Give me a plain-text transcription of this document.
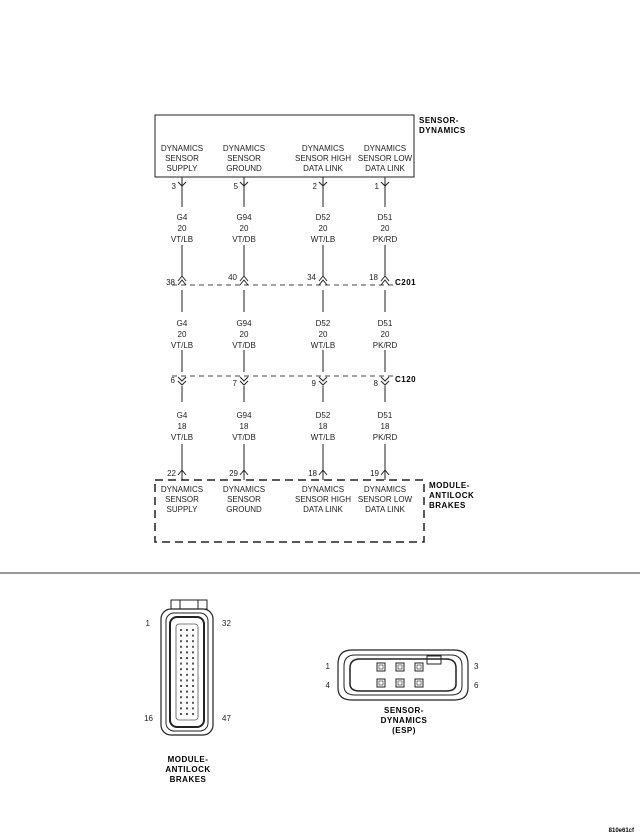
SENSOR-
DYNAMICS
DYNAMICS
SENSOR
SUPPLY
DYNAMICS
SENSOR
GROUND
DYNAMICS
SENSOR HIGH
DATA LINK
DYNAMICS
SENSOR LOW
DATA LINK
3	5	2	1
G4
20
VT/LB
G94
20
VT/DB
D52
20
WT/LB
D51
20
PK/RD
38
40	34	18
C201
G4
20
VT/LB
G94
20
VT/DB
D52
20
WT/LB
D51
20
PK/RD
6	7	9	8 C120
G4
18
VT/LB
G94
18
VT/DB
D52
18
WT/LB
D51
18
PK/RD
22	29	18	19
MODULE-
ANTILOCK
BRAKES
DYNAMICS
SENSOR
SUPPLY
DYNAMICS
SENSOR
GROUND
DYNAMICS
SENSOR HIGH
DATA LINK
DYNAMICS
SENSOR LOW
DATA LINK
1	32
16	47
MODULE-
ANTILOCK
BRAKES
1	3
4	6
SENSOR-
DYNAMICS
(ESP)
810e61cf
